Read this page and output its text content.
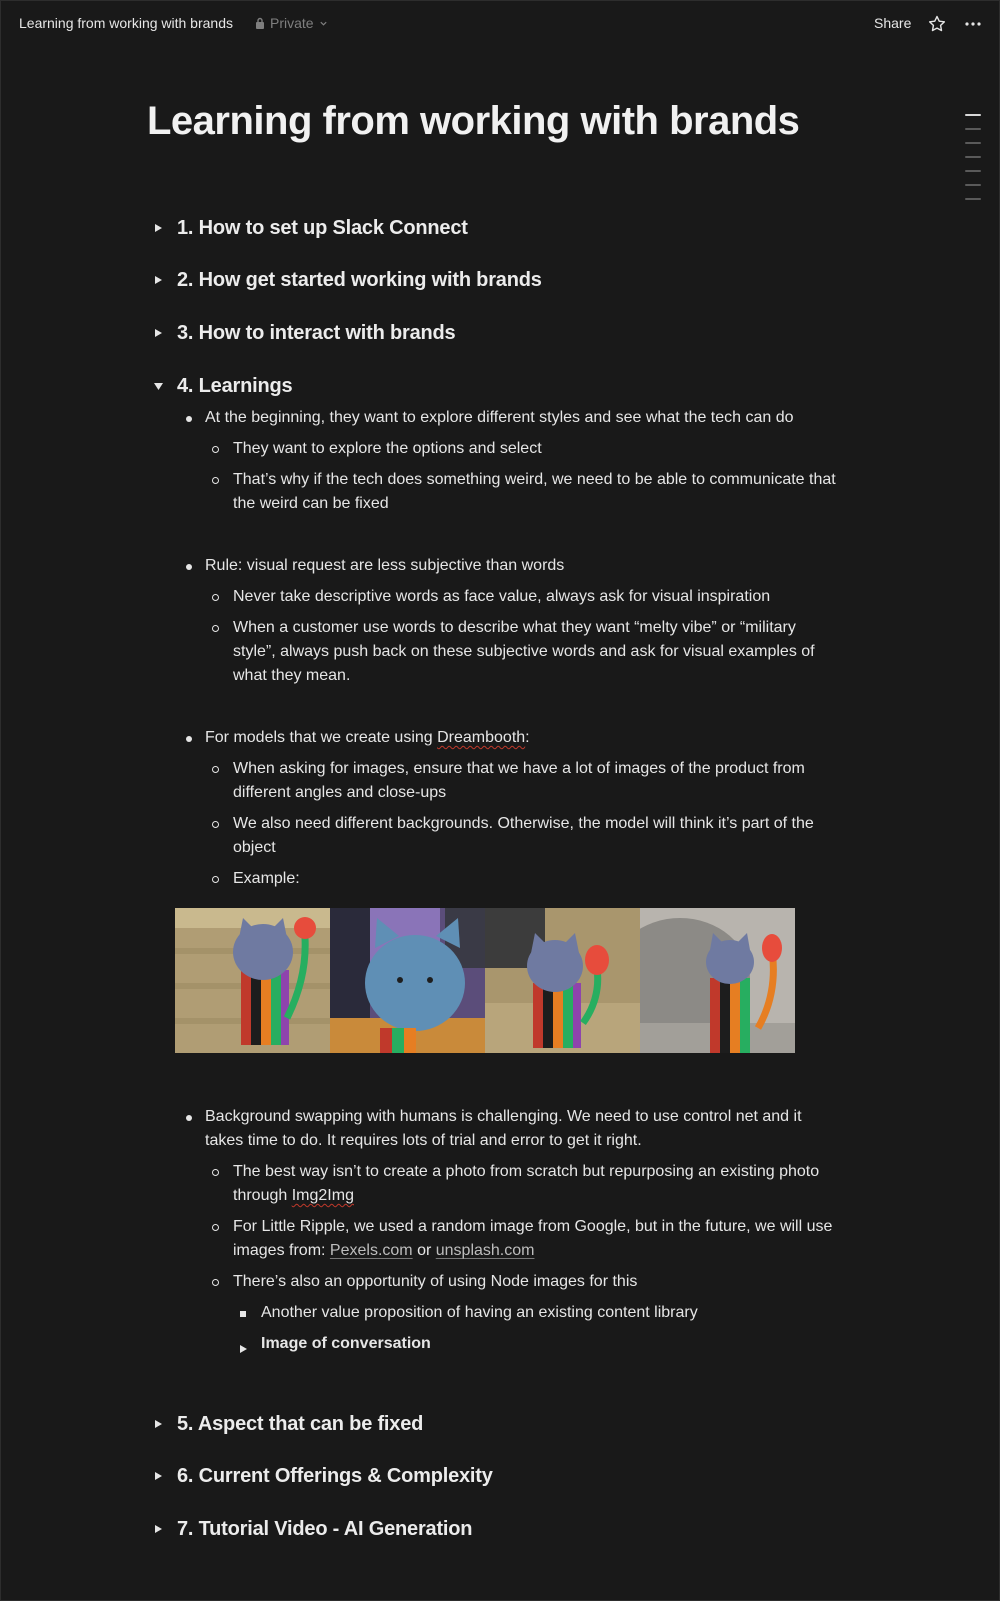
Learning from working with brands	Private	Share
Learning from working with brands
1. How to set up Slack Connect
2. How get started working with brands
3. How to interact with brands
4. Learnings
At the beginning, they want to explore different styles and see what the tech can do
They want to explore the options and select
That’s why if the tech does something weird, we need to be able to communicate that the weird can be fixed
Rule: visual request are less subjective than words
Never take descriptive words as face value, always ask for visual inspiration
When a customer use words to describe what they want “melty vibe” or “military style”, always push back on these subjective words and ask for visual examples of what they mean.
For models that we create using Dreambooth:
When asking for images, ensure that we have a lot of images of the product from different angles and close-ups
We also need different backgrounds. Otherwise, the model will think it’s part of the object
Example:
Background swapping with humans is challenging. We need to use control net and it takes time to do. It requires lots of trial and error to get it right.
The best way isn’t to create a photo from scratch but repurposing an existing photo through Img2Img
For Little Ripple, we used a random image from Google, but in the future, we will use images from: Pexels.com or unsplash.com
There’s also an opportunity of using Node images for this
Another value proposition of having an existing content library
Image of conversation
5. Aspect that can be fixed
6. Current Offerings & Complexity
7. Tutorial Video - AI Generation
